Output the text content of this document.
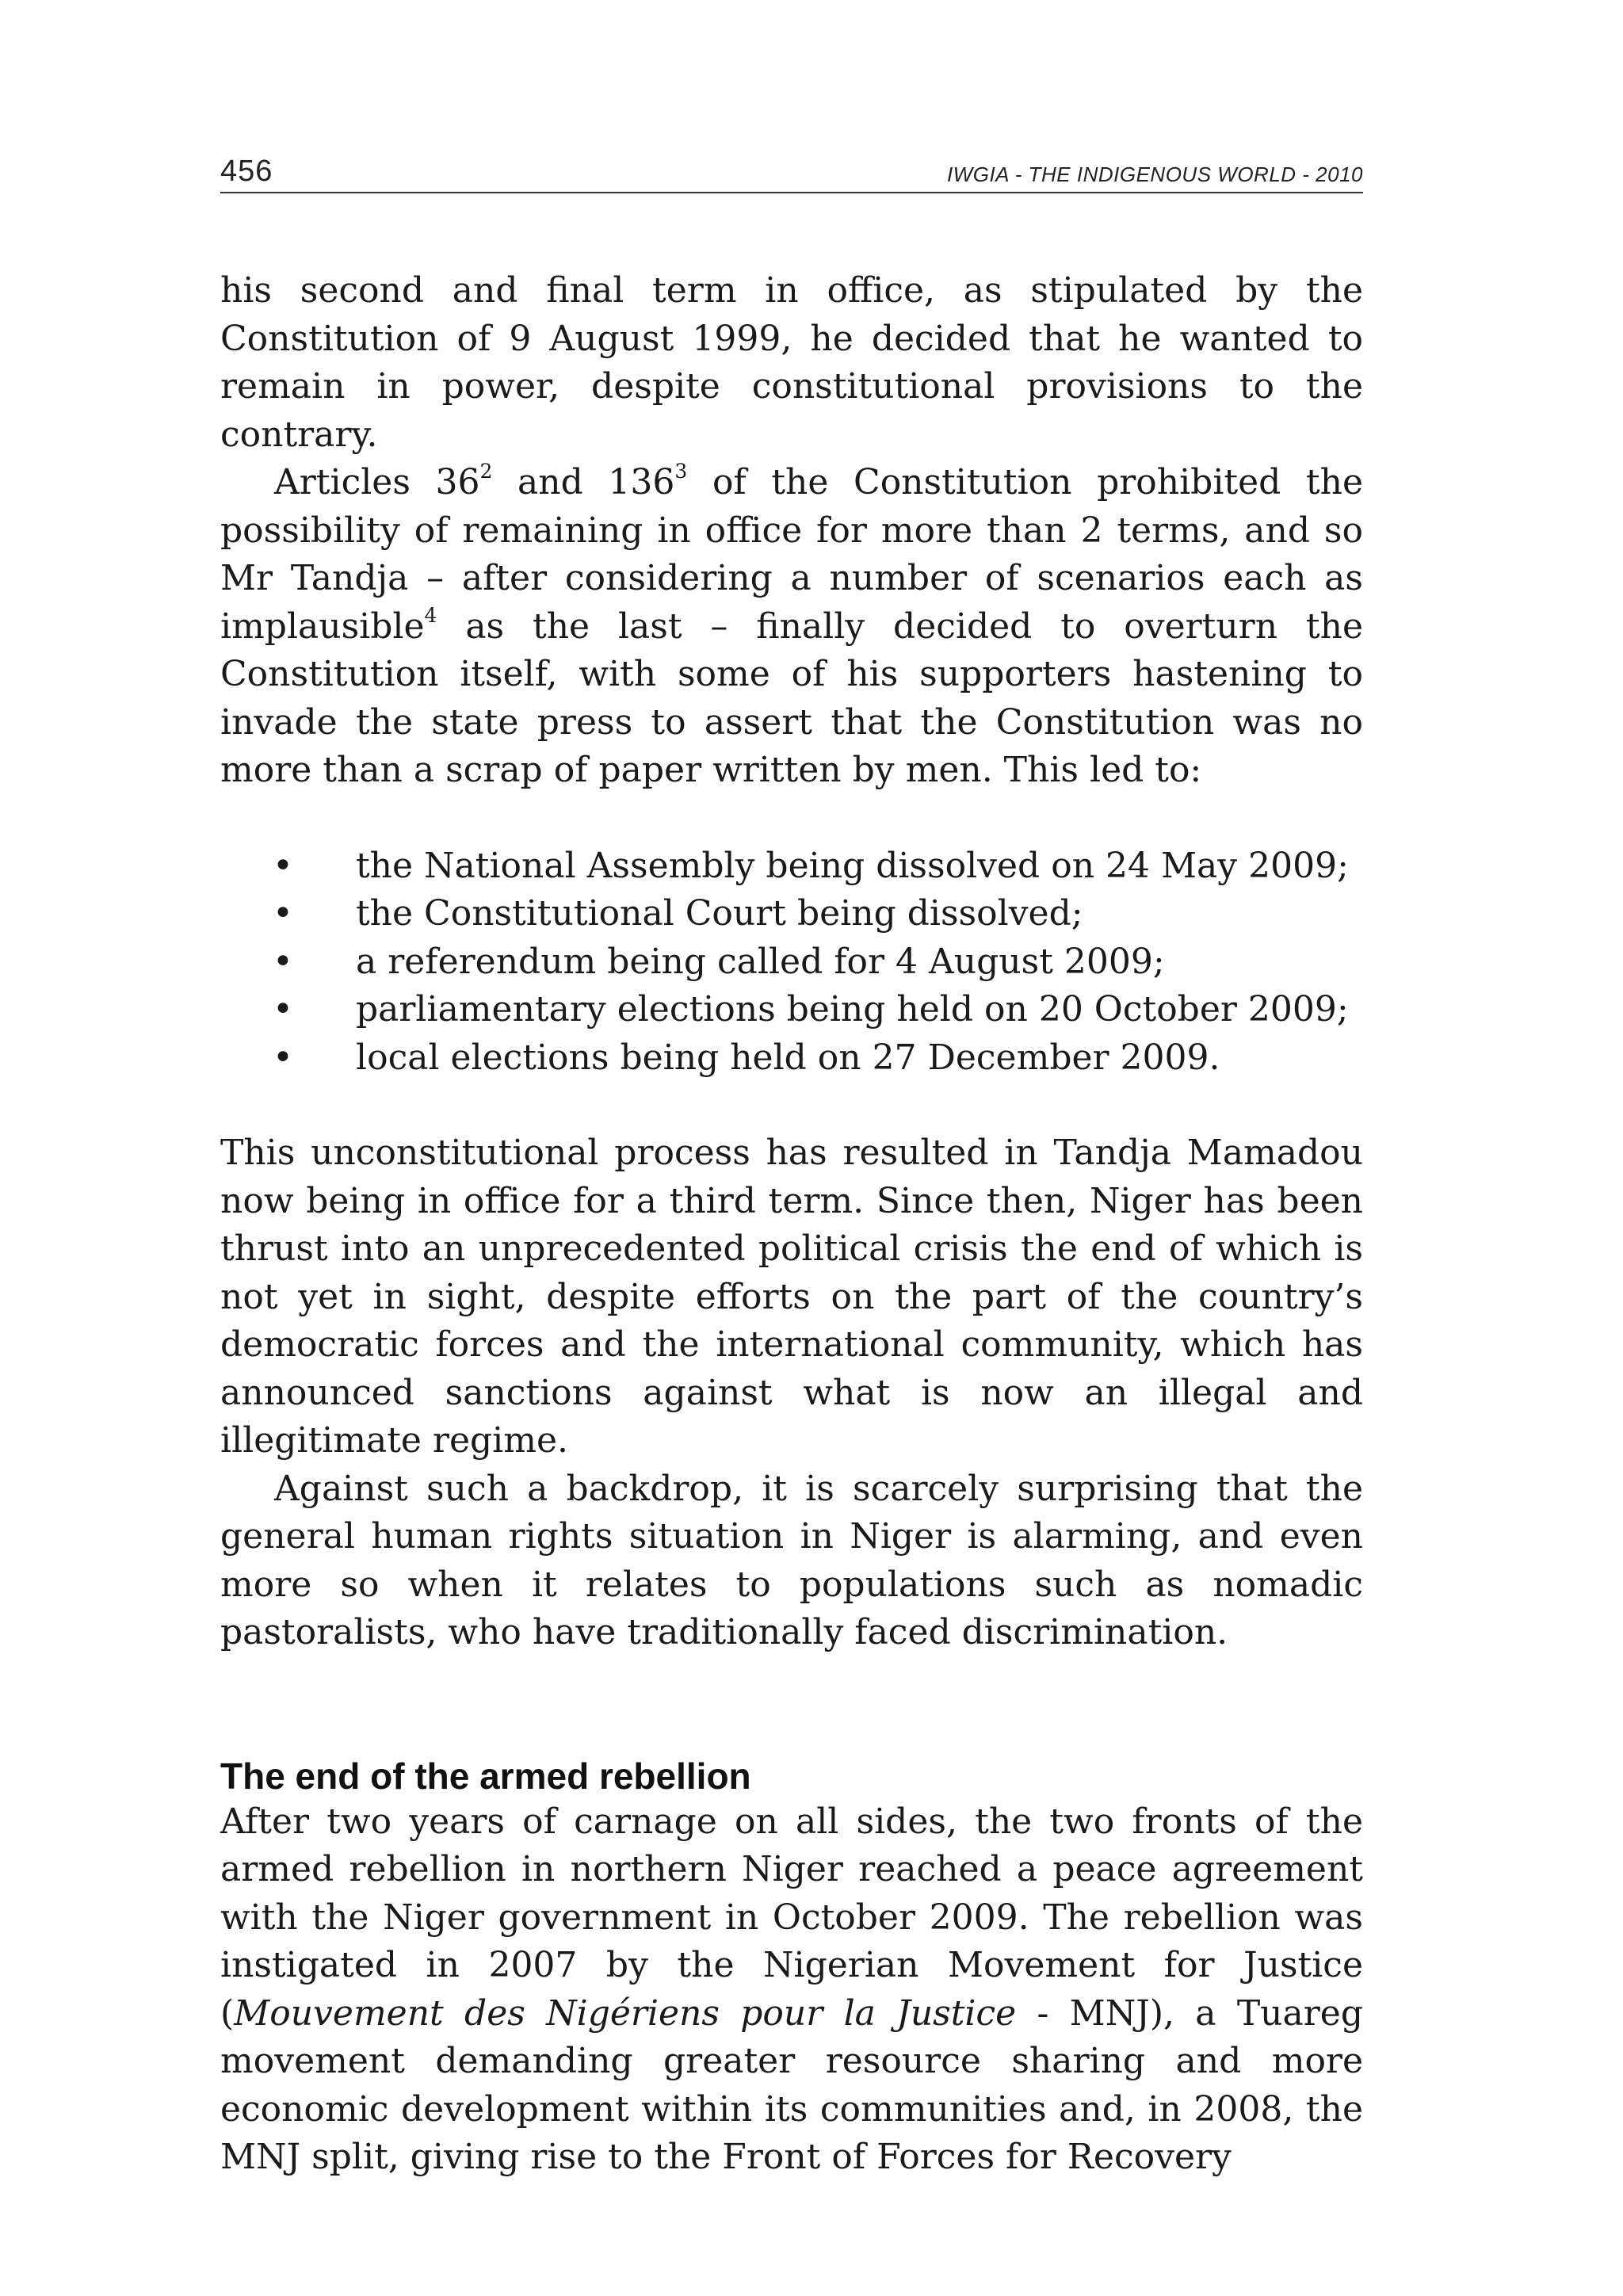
456	IWGIA - THE INDIGENOUS WORLD - 2010

his second and final term in office, as stipulated by the Constitution of 9 August 1999, he decided that he wanted to remain in power, despite constitutional provisions to the contrary.

Articles $36^2$ and $136^3$ of the Constitution prohibited the possibility of remaining in office for more than 2 terms, and so Mr Tandja – after considering a number of scenarios each as implausible$^4$ as the last – finally decided to overturn the Constitution itself, with some of his supporters hastening to invade the state press to assert that the Constitution was no more than a scrap of paper written by men. This led to:

• the National Assembly being dissolved on 24 May 2009;
• the Constitutional Court being dissolved;
• a referendum being called for 4 August 2009;
• parliamentary elections being held on 20 October 2009;
• local elections being held on 27 December 2009.

This unconstitutional process has resulted in Tandja Mamadou now being in office for a third term. Since then, Niger has been thrust into an unprecedented political crisis the end of which is not yet in sight, despite efforts on the part of the country’s democratic forces and the international community, which has announced sanctions against what is now an illegal and illegitimate regime.

Against such a backdrop, it is scarcely surprising that the general human rights situation in Niger is alarming, and even more so when it relates to populations such as nomadic pastoralists, who have traditionally faced discrimination.

The end of the armed rebellion

After two years of carnage on all sides, the two fronts of the armed rebellion in northern Niger reached a peace agreement with the Niger government in October 2009. The rebellion was instigated in 2007 by the Nigerian Movement for Justice (Mouvement des Nigériens pour la Justice - MNJ), a Tuareg movement demanding greater resource sharing and more economic development within its communities and, in 2008, the MNJ split, giving rise to the Front of Forces for Recovery
